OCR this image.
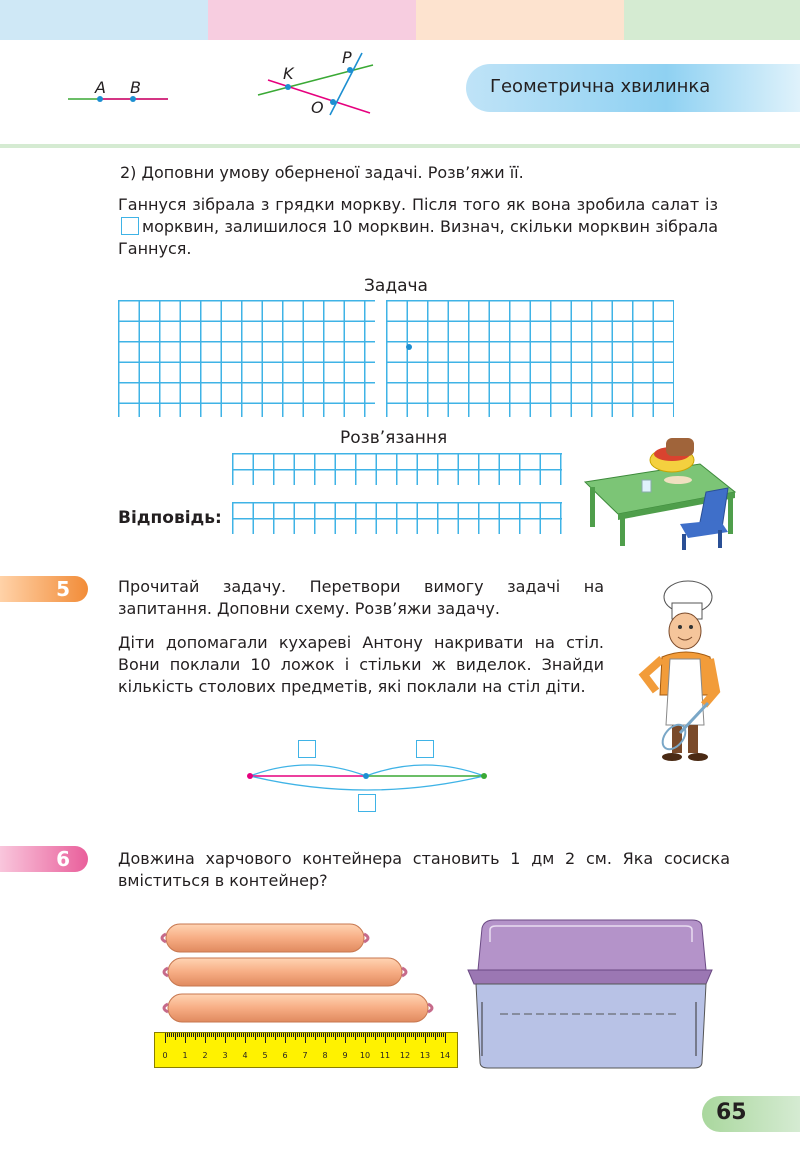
A B
K
P
O
Геометрична хвилинка
2) Доповни умову оберненої задачі. Розв’яжи її.
Ганнуся зібрала з грядки моркву. Після того як вона зробила салат ізморквин, залишилося 10 морквин. Визнач, скільки морквин зібрала Ганнуся.
Задача
Розв’язання
Відповідь:
5	Прочитай задачу. Перетвори вимогу задачі на запитання. Доповни схему. Розв’яжи задачу.
Діти допомагали кухареві Антону накривати на стіл. Вони поклали 10 ложок і стільки ж виделок. Знайди кількість столових предметів, які поклали на стіл діти.
6	Довжина харчового контейнера становить 1 дм 2 см. Яка сосиска вміститься в контейнер?
0 1 2 3 4 5 6 7 8 9 10 11 12 13 14
65
